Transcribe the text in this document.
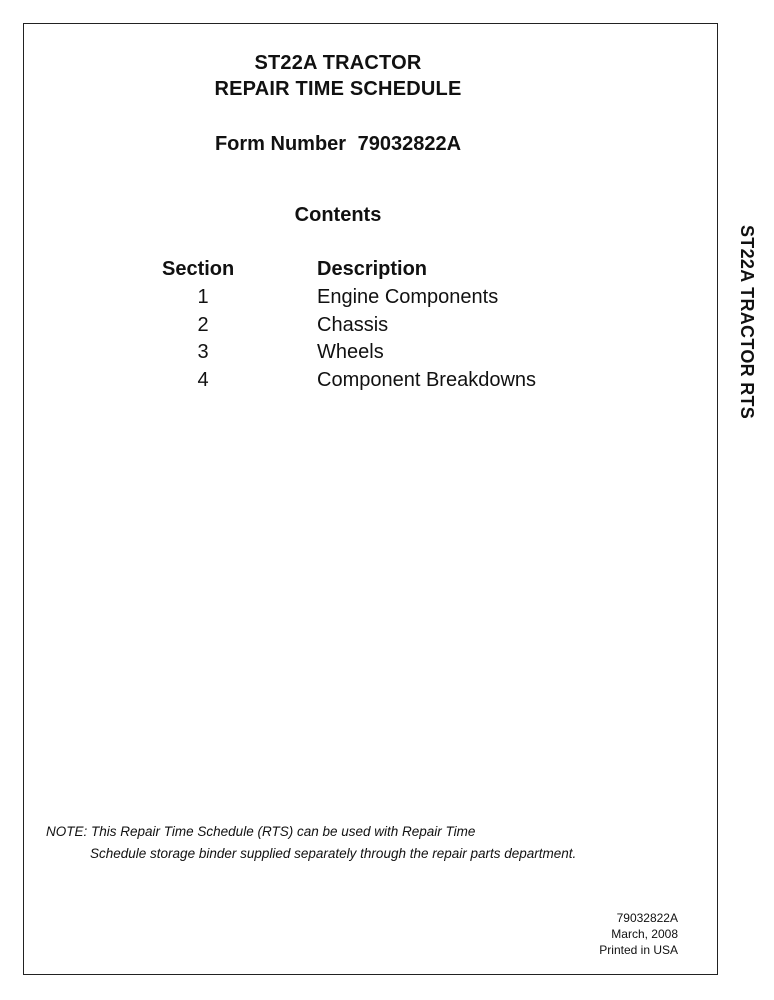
ST22A TRACTOR
REPAIR TIME SCHEDULE
Form Number 79032822A
Contents
Section	Description
1	Engine Components
2	Chassis
3	Wheels
4	Component Breakdowns
NOTE: This Repair Time Schedule (RTS) can be used with Repair Time
Schedule storage binder supplied separately through the repair parts department.
79032822A
March, 2008
Printed in USA
ST22A TRACTOR RTS
